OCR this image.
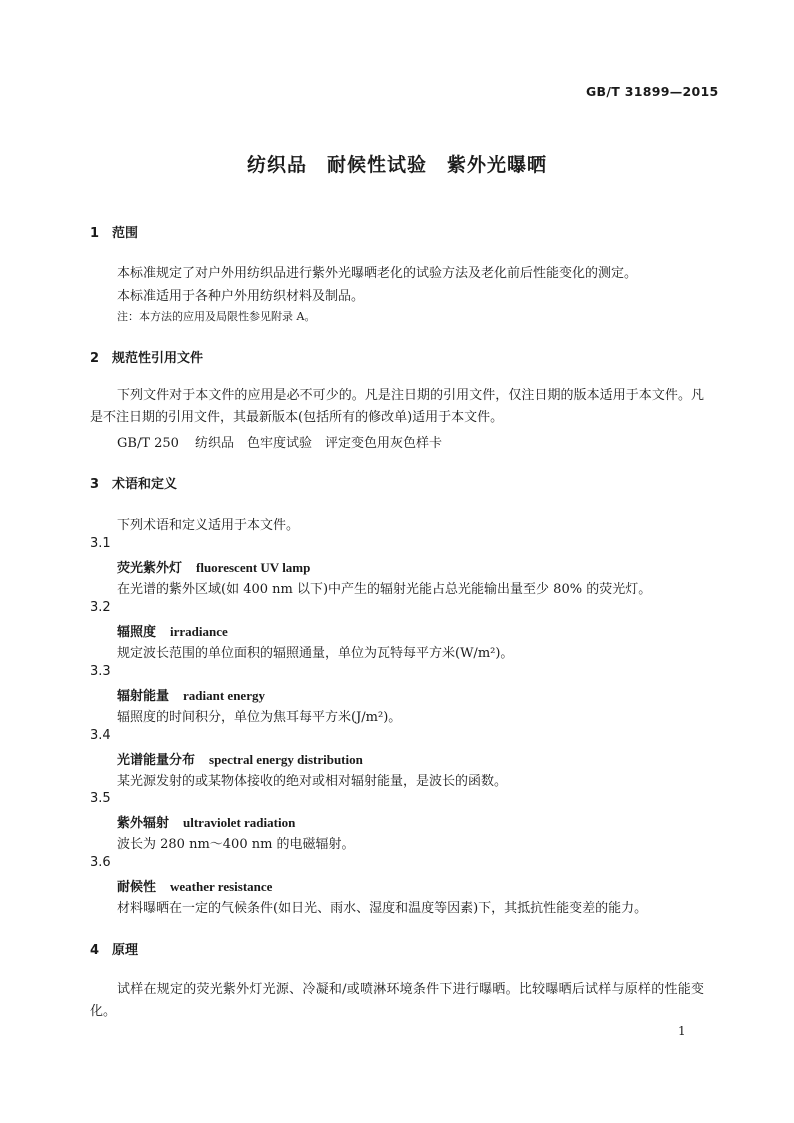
GB/T 31899—2015
纺织品　耐候性试验　紫外光曝晒
1 范围
本标准规定了对户外用纺织品进行紫外光曝晒老化的试验方法及老化前后性能变化的测定。
本标准适用于各种户外用纺织材料及制品。
注：本方法的应用及局限性参见附录 A。
2 规范性引用文件
下列文件对于本文件的应用是必不可少的。凡是注日期的引用文件，仅注日期的版本适用于本文件。凡是不注日期的引用文件，其最新版本(包括所有的修改单)适用于本文件。
GB/T 250 纺织品　色牢度试验　评定变色用灰色样卡
3 术语和定义
下列术语和定义适用于本文件。
3.1
荧光紫外灯 fluorescent UV lamp
在光谱的紫外区域(如 400 nm 以下)中产生的辐射光能占总光能输出量至少 80% 的荧光灯。
3.2
辐照度 irradiance
规定波长范围的单位面积的辐照通量，单位为瓦特每平方米(W/m²)。
3.3
辐射能量 radiant energy
辐照度的时间积分，单位为焦耳每平方米(J/m²)。
3.4
光谱能量分布 spectral energy distribution
某光源发射的或某物体接收的绝对或相对辐射能量，是波长的函数。
3.5
紫外辐射 ultraviolet radiation
波长为 280 nm～400 nm 的电磁辐射。
3.6
耐候性 weather resistance
材料曝晒在一定的气候条件(如日光、雨水、湿度和温度等因素)下，其抵抗性能变差的能力。
4 原理
试样在规定的荧光紫外灯光源、冷凝和/或喷淋环境条件下进行曝晒。比较曝晒后试样与原样的性能变化。
1
